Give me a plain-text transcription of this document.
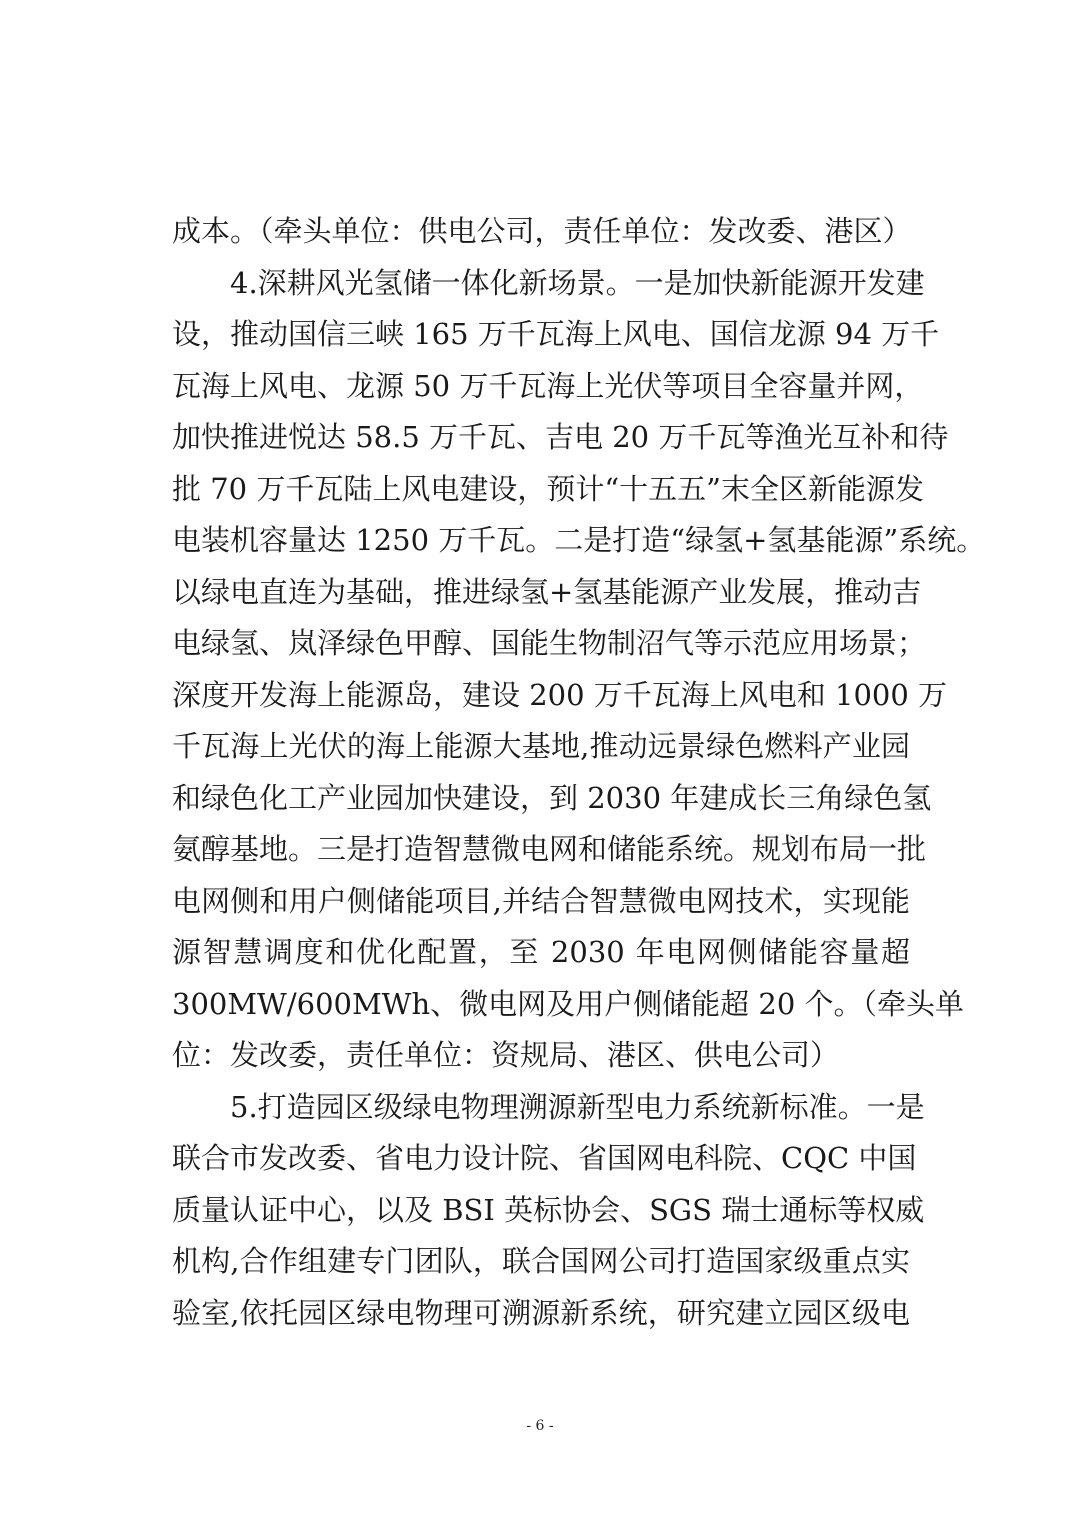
成本。（牵头单位：供电公司，责任单位：发改委、港区）
4.深耕风光氢储一体化新场景。一是加快新能源开发建
设，推动国信三峡 165 万千瓦海上风电、国信龙源 94 万千
瓦海上风电、龙源 50 万千瓦海上光伏等项目全容量并网，
加快推进悦达 58.5 万千瓦、吉电 20 万千瓦等渔光互补和待
批 70 万千瓦陆上风电建设，预计“十五五”末全区新能源发
电装机容量达 1250 万千瓦。二是打造“绿氢+氢基能源”系统。
以绿电直连为基础，推进绿氢+氢基能源产业发展，推动吉
电绿氢、岚泽绿色甲醇、国能生物制沼气等示范应用场景；
深度开发海上能源岛，建设 200 万千瓦海上风电和 1000 万
千瓦海上光伏的海上能源大基地,推动远景绿色燃料产业园
和绿色化工产业园加快建设，到 2030 年建成长三角绿色氢
氨醇基地。三是打造智慧微电网和储能系统。规划布局一批
电网侧和用户侧储能项目,并结合智慧微电网技术，实现能
源智慧调度和优化配置，至 2030 年电网侧储能容量超
300MW/600MWh、微电网及用户侧储能超 20 个。（牵头单
位：发改委，责任单位：资规局、港区、供电公司）
5.打造园区级绿电物理溯源新型电力系统新标准。一是
联合市发改委、省电力设计院、省国网电科院、CQC 中国
质量认证中心，以及 BSI 英标协会、SGS 瑞士通标等权威
机构,合作组建专门团队，联合国网公司打造国家级重点实
验室,依托园区绿电物理可溯源新系统，研究建立园区级电
- 6 -
